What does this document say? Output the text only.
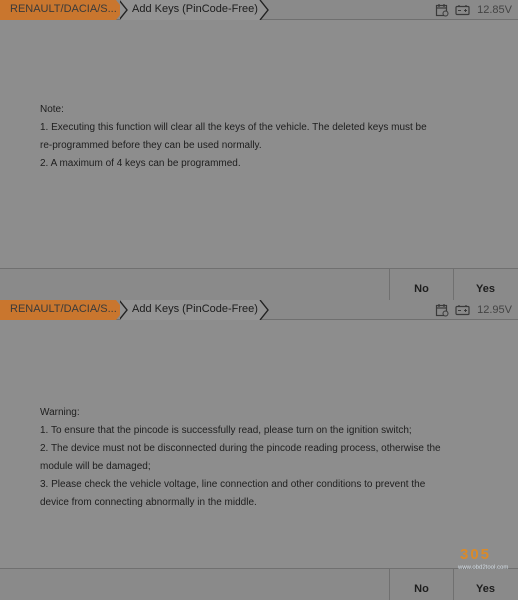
RENAULT/DACIA/S... Add Keys (PinCode-Free)	12.85V
Note:
1. Executing this function will clear all the keys of the vehicle. The deleted keys must be
re-programmed before they can be used normally.
2. A maximum of 4 keys can be programmed.
No	Yes
RENAULT/DACIA/S... Add Keys (PinCode-Free)	12.95V
Warning:
1. To ensure that the pincode is successfully read, please turn on the ignition switch;
2. The device must not be disconnected during the pincode reading process, otherwise the
module will be damaged;
3. Please check the vehicle voltage, line connection and other conditions to prevent the
device from connecting abnormally in the middle.
No	Yes
305
www.obd2tool.com
